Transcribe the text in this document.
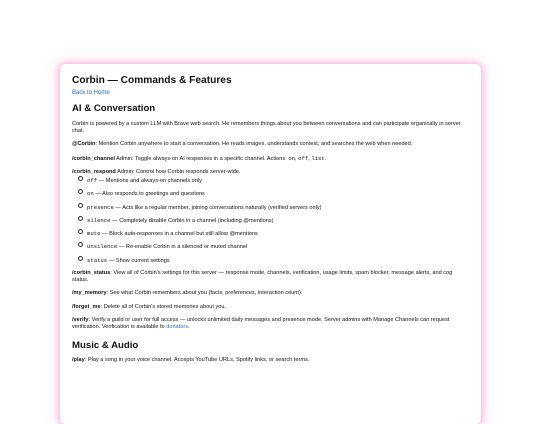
Corbin — Commands & Features
Back to Home
AI & Conversation

Corbin is powered by a custom LLM with Brave web search. He remembers things about you between conversations and can participate organically in server chat.

@Corbin: Mention Corbin anywhere to start a conversation. He reads images, understands context, and searches the web when needed.

/corbin_channel Admin: Toggle always-on AI responses in a specific channel. Actions: on, off, list.

/corbin_respond Admin: Control how Corbin responds server-wide.

off — Mentions and always-on channels only
on — Also responds to greetings and questions
presence — Acts like a regular member, joining conversations naturally (verified servers only)
silence — Completely disable Corbin in a channel (including @mentions)
mute — Block auto-responses in a channel but still allow @mentions
unsilence — Re-enable Corbin in a silenced or muted channel
status — Show current settings

/corbin_status: View all of Corbin's settings for this server — response mode, channels, verification, usage limits, spam blocker, message alerts, and cog status.

/my_memory: See what Corbin remembers about you (facts, preferences, interaction count).

/forget_me: Delete all of Corbin's stored memories about you.

/verify: Verify a guild or user for full access — unlocks unlimited daily messages and presence mode. Server admins with Manage Channels can request verification. Verification is available to donators.

Music & Audio

/play: Play a song in your voice channel. Accepts YouTube URLs, Spotify links, or search terms.
